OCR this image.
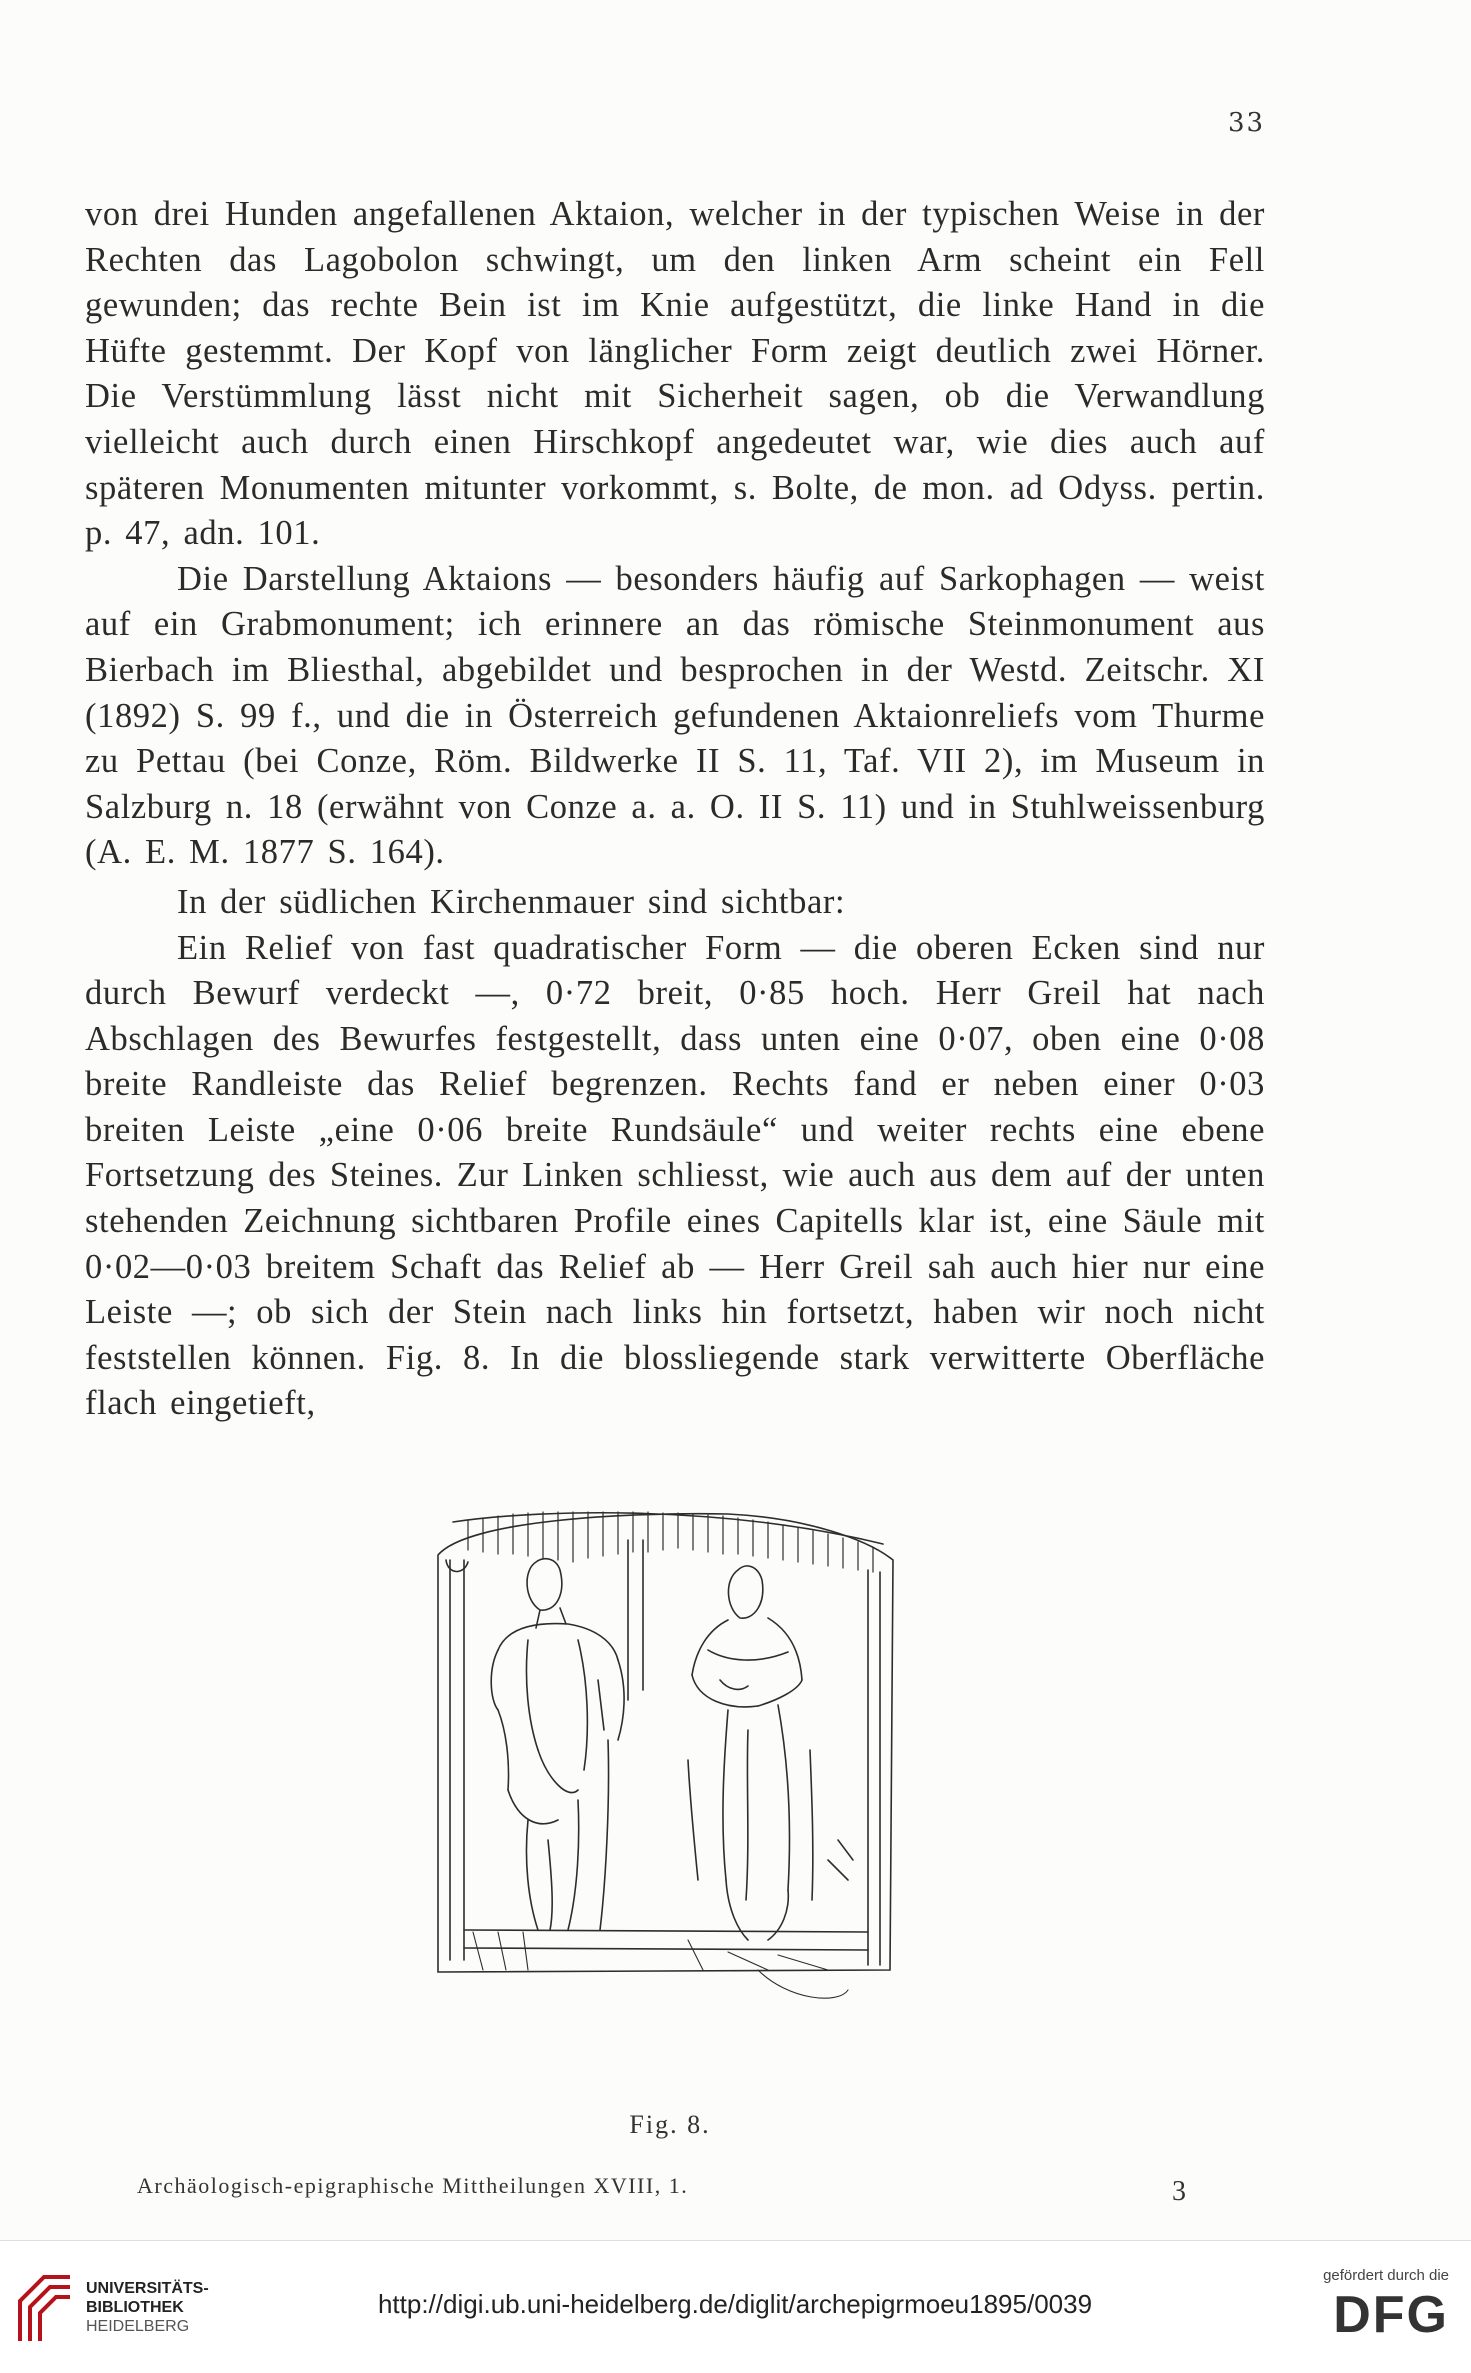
33

von drei Hunden angefallenen Aktaion, welcher in der typischen Weise in der Rechten das Lagobolon schwingt, um den linken Arm scheint ein Fell gewunden; das rechte Bein ist im Knie aufgestützt, die linke Hand in die Hüfte gestemmt. Der Kopf von länglicher Form zeigt deutlich zwei Hörner. Die Verstümmlung lässt nicht mit Sicherheit sagen, ob die Verwandlung vielleicht auch durch einen Hirschkopf angedeutet war, wie dies auch auf späteren Monumenten mitunter vorkommt, s. Bolte, de mon. ad Odyss. pertin. p. 47, adn. 101.

Die Darstellung Aktaions — besonders häufig auf Sarkophagen — weist auf ein Grabmonument; ich erinnere an das römische Steinmonument aus Bierbach im Bliesthal, abgebildet und besprochen in der Westd. Zeitschr. XI (1892) S. 99 f., und die in Österreich gefundenen Aktaionreliefs vom Thurme zu Pettau (bei Conze, Röm. Bildwerke II S. 11, Taf. VII 2), im Museum in Salzburg n. 18 (erwähnt von Conze a. a. O. II S. 11) und in Stuhlweissenburg (A. E. M. 1877 S. 164).

In der südlichen Kirchenmauer sind sichtbar:

Ein Relief von fast quadratischer Form — die oberen Ecken sind nur durch Bewurf verdeckt —, 0·72 breit, 0·85 hoch. Herr Greil hat nach Abschlagen des Bewurfes festgestellt, dass unten eine 0·07, oben eine 0·08 breite Randleiste das Relief begrenzen. Rechts fand er neben einer 0·03 breiten Leiste „eine 0·06 breite Rundsäule“ und weiter rechts eine ebene Fortsetzung des Steines. Zur Linken schliesst, wie auch aus dem auf der unten stehenden Zeichnung sichtbaren Profile eines Capitells klar ist, eine Säule mit 0·02—0·03 breitem Schaft das Relief ab — Herr Greil sah auch hier nur eine Leiste —; ob sich der Stein nach links hin fortsetzt, haben wir noch nicht feststellen können. Fig. 8. In die blossliegende stark verwitterte Oberfläche flach eingetieft,

Fig. 8.
Archäologisch-epigraphische Mittheilungen XVIII, 1.	3
UNIVERSITÄTS-
BIBLIOTHEK
HEIDELBERG
http://digi.ub.uni-heidelberg.de/diglit/archepigrmoeu1895/0039
gefördert durch die
DFG
